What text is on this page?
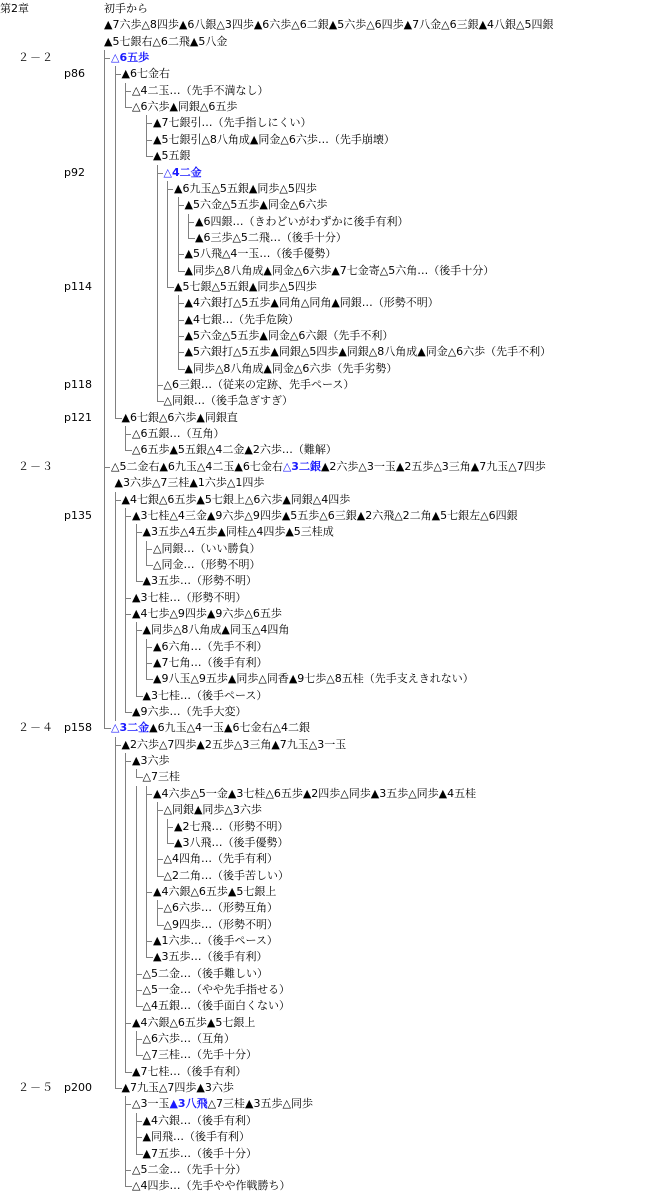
第2章	初手から
▲7六歩△8四歩▲6八銀△3四歩▲6六歩△6二銀▲5六歩△6四歩▲7八金△6三銀▲4八銀△5四銀
▲5七銀右△6二飛▲5八金
２－２	△6五歩
p86	▲6七金右
△4二玉…（先手不満なし）
△6六歩▲同銀△6五歩
▲7七銀引…（先手指しにくい）
▲5七銀引△8八角成▲同金△6六歩…（先手崩壊）
▲5五銀
p92	△4二金
▲6九玉△5五銀▲同歩△5四歩
▲5六金△5五歩▲同金△6六歩
▲6四銀…（きわどいがわずかに後手有利）
▲6三歩△5二飛…（後手十分）
▲5八飛△4一玉…（後手優勢）
▲同歩△8八角成▲同金△6六歩▲7七金寄△5六角…（後手十分）
p114	▲5七銀△5五銀▲同歩△5四歩
▲4六銀打△5五歩▲同角△同角▲同銀…（形勢不明）
▲4七銀…（先手危険）
▲5六金△5五歩▲同金△6六銀（先手不利）
▲5六銀打△5五歩▲同銀△5四歩▲同銀△8八角成▲同金△6六歩（先手不利）
▲同歩△8八角成▲同金△6六歩（先手劣勢）
p118	△6三銀…（従来の定跡、先手ペース）
△同銀…（後手急ぎすぎ）
p121	▲6七銀△6六歩▲同銀直
△6五銀…（互角）
△6五歩▲5五銀△4二金▲2六歩…（難解）
２－３	△5二金右▲6九玉△4二玉▲6七金右△3二銀▲2六歩△3一玉▲2五歩△3三角▲7九玉△7四歩
▲3六歩△7三桂▲1六歩△1四歩
▲4七銀△6五歩▲5七銀上△6六歩▲同銀△4四歩
p135	▲3七桂△4三金▲9六歩△9四歩▲5五歩△6三銀▲2六飛△2二角▲5七銀左△6四銀
▲3五歩△4五歩▲同桂△4四歩▲5三桂成
△同銀…（いい勝負）
△同金…（形勢不明）
▲3五歩…（形勢不明）
▲3七桂…（形勢不明）
▲4七歩△9四歩▲9六歩△6五歩
▲同歩△8八角成▲同玉△4四角
▲6六角…（先手不利）
▲7七角…（後手有利）
▲9八玉△9五歩▲同歩△同香▲9七歩△8五桂（先手支えきれない）
▲3七桂…（後手ペース）
▲9六歩…（先手大変）
２－４ p158 △3二金▲6九玉△4一玉▲6七金右△4二銀
▲2六歩△7四歩▲2五歩△3三角▲7九玉△3一玉
▲3六歩
△7三桂
▲4六歩△5一金▲3七桂△6五歩▲2四歩△同歩▲3五歩△同歩▲4五桂
△同銀▲同歩△3六歩
▲2七飛…（形勢不明）
▲3八飛…（後手優勢）
△4四角…（先手有利）
△2二角…（後手苦しい）
▲4六銀△6五歩▲5七銀上
△6六歩…（形勢互角）
△9四歩…（形勢不明）
▲1六歩…（後手ペース）
▲3五歩…（後手有利）
△5二金…（後手難しい）
△5一金…（やや先手指せる）
△4五銀…（後手面白くない）
▲4六銀△6五歩▲5七銀上
△6六歩…（互角）
△7三桂…（先手十分）
▲7七桂…（後手有利）
２－５ p200	▲7九玉△7四歩▲3六歩
△3一玉▲3八飛△7三桂▲3五歩△同歩
▲4六銀…（後手有利）
▲同飛…（後手有利）
▲7五歩…（後手十分）
△5二金…（先手十分）
△4四歩…（先手やや作戦勝ち）
